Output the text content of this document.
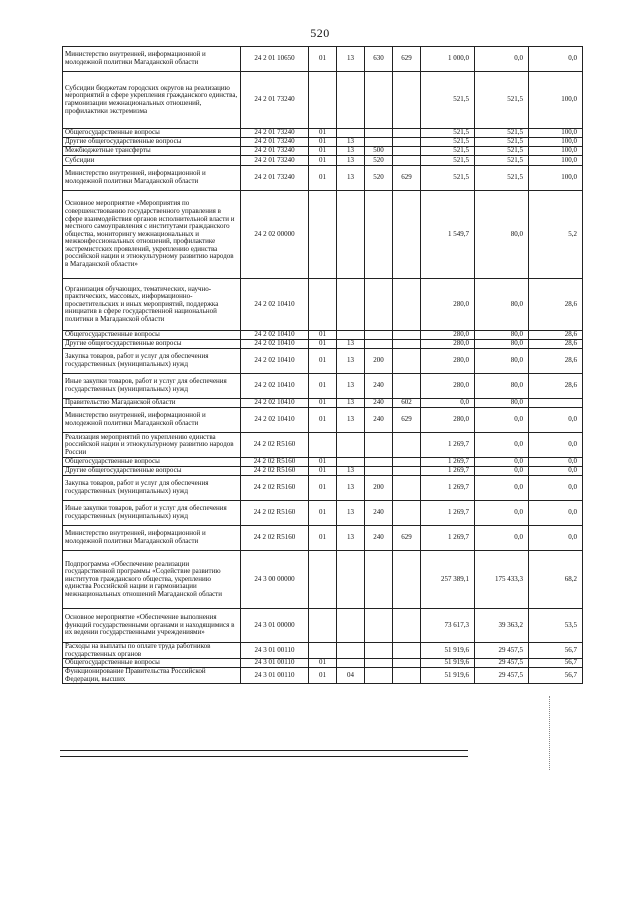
520
Министерство внутренней, информационной и молодежной политики Магаданской области	24 2 01 10650	01	13	630	629	1 000,0	0,0	0,0
Субсидии бюджетам городских округов на реализацию мероприятий в сфере укрепления гражданского единства, гармонизации межнациональных отношений, профилактики экстремизма	24 2 01 73240					521,5	521,5	100,0
Общегосударственные вопросы	24 2 01 73240	01				521,5	521,5	100,0
Другие общегосударственные вопросы	24 2 01 73240	01	13			521,5	521,5	100,0
Межбюджетные трансферты	24 2 01 73240	01	13	500		521,5	521,5	100,0
Субсидии	24 2 01 73240	01	13	520		521,5	521,5	100,0
Министерство внутренней, информационной и молодежной политики Магаданской области	24 2 01 73240	01	13	520	629	521,5	521,5	100,0
Основное мероприятие «Мероприятия по совершенствованию государственного управления в сфере взаимодействия органов исполнительной власти и местного самоуправления с институтами гражданского общества, мониторингу межнациональных и межконфессиональных отношений, профилактике экстремистских проявлений, укреплению единства российской нации и этнокультурному развитию народов в Магаданской области»	24 2 02 00000					1 549,7	80,0	5,2
Организация обучающих, тематических, научно-практических, массовых, информационно-просветительских и иных мероприятий, поддержка инициатив в сфере государственной национальной политики в Магаданской области	24 2 02 10410					280,0	80,0	28,6
Общегосударственные вопросы	24 2 02 10410	01				280,0	80,0	28,6
Другие общегосударственные вопросы	24 2 02 10410	01	13			280,0	80,0	28,6
Закупка товаров, работ и услуг для обеспечения государственных (муниципальных) нужд	24 2 02 10410	01	13	200		280,0	80,0	28,6
Иные закупки товаров, работ и услуг для обеспечения государственных (муниципальных) нужд	24 2 02 10410	01	13	240		280,0	80,0	28,6
Правительство Магаданской области	24 2 02 10410	01	13	240	602	0,0	80,0	
Министерство внутренней, информационной и молодежной политики Магаданской области	24 2 02 10410	01	13	240	629	280,0	0,0	0,0
Реализация мероприятий по укреплению единства российской нации и этнокультурному развитию народов России	24 2 02 R5160					1 269,7	0,0	0,0
Общегосударственные вопросы	24 2 02 R5160	01				1 269,7	0,0	0,0
Другие общегосударственные вопросы	24 2 02 R5160	01	13			1 269,7	0,0	0,0
Закупка товаров, работ и услуг для обеспечения государственных (муниципальных) нужд	24 2 02 R5160	01	13	200		1 269,7	0,0	0,0
Иные закупки товаров, работ и услуг для обеспечения государственных (муниципальных) нужд	24 2 02 R5160	01	13	240		1 269,7	0,0	0,0
Министерство внутренней, информационной и молодежной политики Магаданской области	24 2 02 R5160	01	13	240	629	1 269,7	0,0	0,0
Подпрограмма «Обеспечение реализации государственной программы «Содействие развитию институтов гражданского общества, укреплению единства Российской нации и гармонизации межнациональных отношений Магаданской области	24 3 00 00000					257 389,1	175 433,3	68,2
Основное мероприятие «Обеспечение выполнения функций государственными органами и находящимися в их ведении государственными учреждениями»	24 3 01 00000					73 617,3	39 363,2	53,5
Расходы на выплаты по оплате труда работников государственных органов	24 3 01 00110					51 919,6	29 457,5	56,7
Общегосударственные вопросы	24 3 01 00110	01				51 919,6	29 457,5	56,7
Функционирование Правительства Российской Федерации, высших	24 3 01 00110	01	04			51 919,6	29 457,5	56,7
